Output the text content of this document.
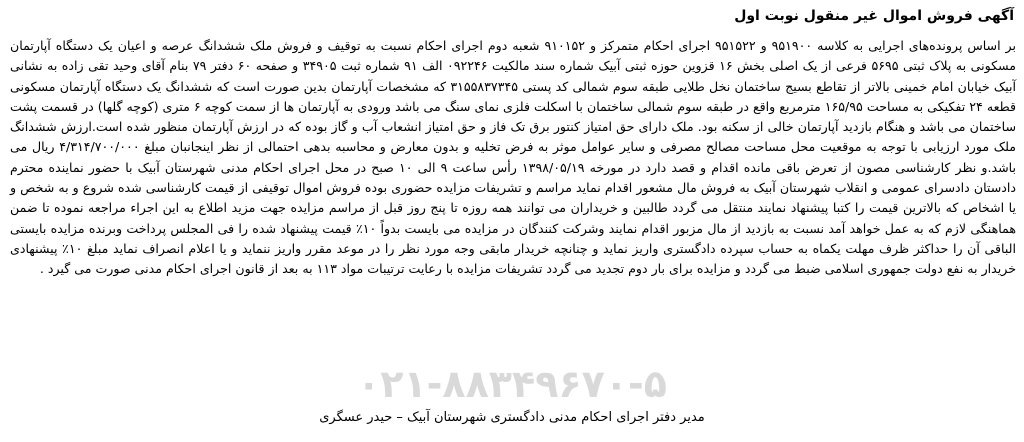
آگهی فروش اموال غیر منقول نوبت اول
بر اساس پرونده‌های اجرایی به کلاسه ۹۵۱۹۰۰ و ۹۵۱۵۲۲ اجرای احکام متمرکز و ۹۱۰۱۵۲ شعبه دوم اجرای احکام نسبت به توقیف و فروش ملک ششدانگ عرصه و اعیان یک دستگاه آپارتمان مسکونی به پلاک ثبتی ۵۶۹۵ فرعی از یک اصلی بخش ۱۶ قزوین حوزه ثبتی آبیک شماره سند مالکیت ۰۹۲۲۴۶ الف ۹۱ شماره ثبت ۳۴۹۰۵ و صفحه ۶۰ دفتر ۷۹ بنام آقای وحید تقی زاده به نشانی آبیک خیابان امام خمینی بالاتر از تقاطع بسیج ساختمان نخل طلایی طبقه سوم شمالی کد پستی ۳۱۵۵۸۳۷۳۴۵ که مشخصات آپارتمان بدین صورت است که ششدانگ یک دستگاه آپارتمان مسکونی قطعه ۲۴ تفکیکی به مساحت ۱۶۵/۹۵ مترمربع واقع در طبقه سوم شمالی ساختمان با اسکلت فلزی نمای سنگ می باشد ورودی به آپارتمان ها از سمت کوچه ۶ متری (کوچه گلها) در قسمت پشت ساختمان می باشد و هنگام بازدید آپارتمان خالی از سکنه بود. ملک دارای حق امتیاز کنتور برق تک فاز و حق امتیاز انشعاب آب و گاز بوده که در ارزش آپارتمان منظور شده است.ارزش ششدانگ ملک مورد ارزیابی با توجه به موقعیت محل مساحت مصالح مصرفی و سایر عوامل موثر به فرض تخلیه و بدون معارض و محاسبه بدهی احتمالی از نظر اینجانبان مبلغ ۴/۳۱۴/۷۰۰/۰۰۰ ریال می باشد.و نظر کارشناسی مصون از تعرض باقی مانده اقدام و قصد دارد در مورخه ۱۳۹۸/۰۵/۱۹ رأس ساعت ۹ الی ۱۰ صبح در محل اجرای احکام مدنی شهرستان آبیک با حضور نماینده محترم دادستان دادسرای عمومی و انقلاب شهرستان آبیک به فروش مال مشعور اقدام نماید مراسم و تشریفات مزایده حضوری بوده فروش اموال توقیفی از قیمت کارشناسی شده شروع و به شخص و یا اشخاص که بالاترین قیمت را کتبا پیشنهاد نمایند منتقل می گردد طالبین و خریداران می توانند همه روزه تا پنج روز قبل از مراسم مزایده جهت مزید اطلاع به این اجراء مراجعه نموده تا ضمن هماهنگی لازم که به عمل خواهد آمد نسبت به بازدید از مال مزبور اقدام نمایند وشرکت کنندگان در مزایده می بایست بدواً ۱۰٪ قیمت پیشنهاد شده را فی المجلس پرداخت وبرنده مزایده بایستی الباقی آن را حداکثر ظرف مهلت یکماه به حساب سپرده دادگستری واریز نماید و چنانچه خریدار مابقی وجه مورد نظر را در موعد مقرر واریز ننماید و یا اعلام انصراف نماید مبلغ ۱۰٪ پیشنهادی خریدار به نفع دولت جمهوری اسلامی ضبط می گردد و مزایده برای بار دوم تجدید می گردد تشریفات مزایده با رعایت ترتیبات مواد ۱۱۳ به بعد از قانون اجرای احکام مدنی صورت می گیرد .
۰۲۱-۸۸۳۴۹۶۷۰-۵
مدیر دفتر اجرای احکام مدنی دادگستری شهرستان آبیک – حیدر عسگری
